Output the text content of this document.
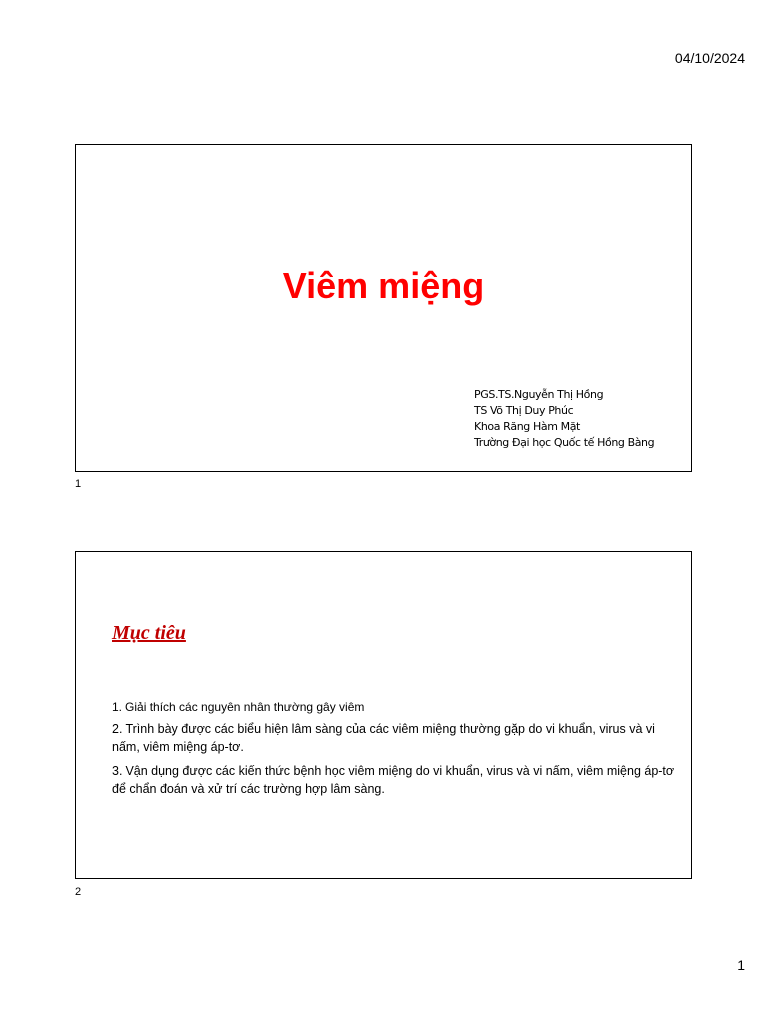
04/10/2024
Viêm miệng
PGS.TS.Nguyễn Thị Hồng
TS Võ Thị Duy Phúc
Khoa Răng Hàm Mặt
Trường Đại học Quốc tế Hồng Bàng
1
Mục tiêu
1. Giải thích các nguyên nhân thường gây viêm
2. Trình bày được các biểu hiện lâm sàng của các viêm miệng thường gặp do vi khuẩn, virus và vi nấm, viêm miệng áp-tơ.
3. Vận dụng được các kiến thức bệnh học viêm miệng do vi khuẩn, virus và vi nấm, viêm miệng áp-tơ để chẩn đoán và xử trí các trường hợp lâm sàng.
2
1
